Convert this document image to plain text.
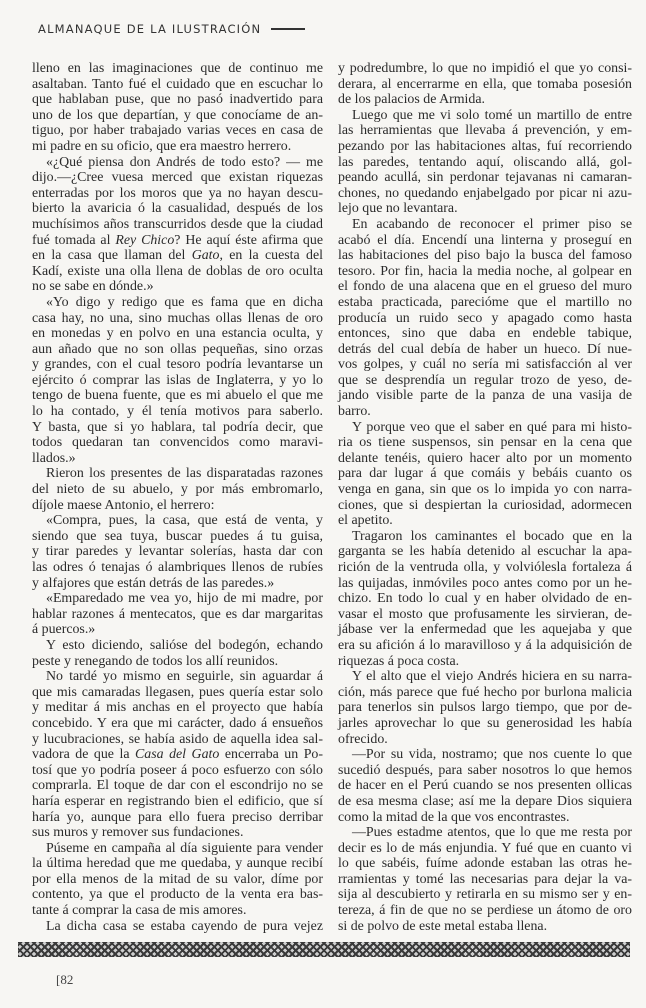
ALMANAQUE DE LA ILUSTRACIÓN
lleno en las imaginaciones que de continuo me
asaltaban. Tanto fué el cuidado que en escuchar lo
que hablaban puse, que no pasó inadvertido para
uno de los que departían, y que conocíame de an-
tiguo, por haber trabajado varias veces en casa de
mi padre en su oficio, que era maestro herrero.
«¿Qué piensa don Andrés de todo esto? — me
dijo.—¿Cree vuesa merced que existan riquezas
enterradas por los moros que ya no hayan descu-
bierto la avaricia ó la casualidad, después de los
muchísimos años transcurridos desde que la ciudad
fué tomada al Rey Chico? He aquí éste afirma que
en la casa que llaman del Gato, en la cuesta del
Kadí, existe una olla llena de doblas de oro oculta
no se sabe en dónde.»
«Yo digo y redigo que es fama que en dicha
casa hay, no una, sino muchas ollas llenas de oro
en monedas y en polvo en una estancia oculta, y
aun añado que no son ollas pequeñas, sino orzas
y grandes, con el cual tesoro podría levantarse un
ejército ó comprar las islas de Inglaterra, y yo lo
tengo de buena fuente, que es mi abuelo el que me
lo ha contado, y él tenía motivos para saberlo.
Y basta, que si yo hablara, tal podría decir, que
todos quedaran tan convencidos como maravi-
llados.»
Rieron los presentes de las disparatadas razones
del nieto de su abuelo, y por más embromarlo,
díjole maese Antonio, el herrero:
«Compra, pues, la casa, que está de venta, y
siendo que sea tuya, buscar puedes á tu guisa,
y tirar paredes y levantar solerías, hasta dar con
las odres ó tenajas ó alambriques llenos de rubíes
y alfajores que están detrás de las paredes.»
«Emparedado me vea yo, hijo de mi madre, por
hablar razones á mentecatos, que es dar margaritas
á puercos.»
Y esto diciendo, salióse del bodegón, echando
peste y renegando de todos los allí reunidos.
No tardé yo mismo en seguirle, sin aguardar á
que mis camaradas llegasen, pues quería estar solo
y meditar á mis anchas en el proyecto que había
concebido. Y era que mi carácter, dado á ensueños
y lucubraciones, se había asido de aquella idea sal-
vadora de que la Casa del Gato encerraba un Po-
tosí que yo podría poseer á poco esfuerzo con sólo
comprarla. El toque de dar con el escondrijo no se
haría esperar en registrando bien el edificio, que sí
haría yo, aunque para ello fuera preciso derribar
sus muros y remover sus fundaciones.
Púseme en campaña al día siguiente para vender
la última heredad que me quedaba, y aunque recibí
por ella menos de la mitad de su valor, díme por
contento, ya que el producto de la venta era bas-
tante á comprar la casa de mis amores.
La dicha casa se estaba cayendo de pura vejez
y podredumbre, lo que no impidió el que yo consi-
derara, al encerrarme en ella, que tomaba posesión
de los palacios de Armida.
Luego que me vi solo tomé un martillo de entre
las herramientas que llevaba á prevención, y em-
pezando por las habitaciones altas, fuí recorriendo
las paredes, tentando aquí, oliscando allá, gol-
peando acullá, sin perdonar tejavanas ni camaran-
chones, no quedando enjabelgado por picar ni azu-
lejo que no levantara.
En acabando de reconocer el primer piso se
acabó el día. Encendí una linterna y proseguí en
las habitaciones del piso bajo la busca del famoso
tesoro. Por fin, hacia la media noche, al golpear en
el fondo de una alacena que en el grueso del muro
estaba practicada, parecióme que el martillo no
producía un ruido seco y apagado como hasta
entonces, sino que daba en endeble tabique,
detrás del cual debía de haber un hueco. Dí nue-
vos golpes, y cuál no sería mi satisfacción al ver
que se desprendía un regular trozo de yeso, de-
jando visible parte de la panza de una vasija de
barro.
Y porque veo que el saber en qué para mi histo-
ria os tiene suspensos, sin pensar en la cena que
delante tenéis, quiero hacer alto por un momento
para dar lugar á que comáis y bebáis cuanto os
venga en gana, sin que os lo impida yo con narra-
ciones, que si despiertan la curiosidad, adormecen
el apetito.
Tragaron los caminantes el bocado que en la
garganta se les había detenido al escuchar la apa-
rición de la ventruda olla, y volviólesla fortaleza á
las quijadas, inmóviles poco antes como por un he-
chizo. En todo lo cual y en haber olvidado de en-
vasar el mosto que profusamente les sirvieran, de-
jábase ver la enfermedad que les aquejaba y que
era su afición á lo maravilloso y á la adquisición de
riquezas á poca costa.
Y el alto que el viejo Andrés hiciera en su narra-
ción, más parece que fué hecho por burlona malicia
para tenerlos sin pulsos largo tiempo, que por de-
jarles aprovechar lo que su generosidad les había
ofrecido.
—Por su vida, nostramo; que nos cuente lo que
sucedió después, para saber nosotros lo que hemos
de hacer en el Perú cuando se nos presenten ollicas
de esa mesma clase; así me la depare Dios siquiera
como la mitad de la que vos encontrastes.
—Pues estadme atentos, que lo que me resta por
decir es lo de más enjundia. Y fué que en cuanto vi
lo que sabéis, fuíme adonde estaban las otras he-
rramientas y tomé las necesarias para dejar la va-
sija al descubierto y retirarla en su mismo ser y en-
tereza, á fin de que no se perdiese un átomo de oro
si de polvo de este metal estaba llena.
[82
